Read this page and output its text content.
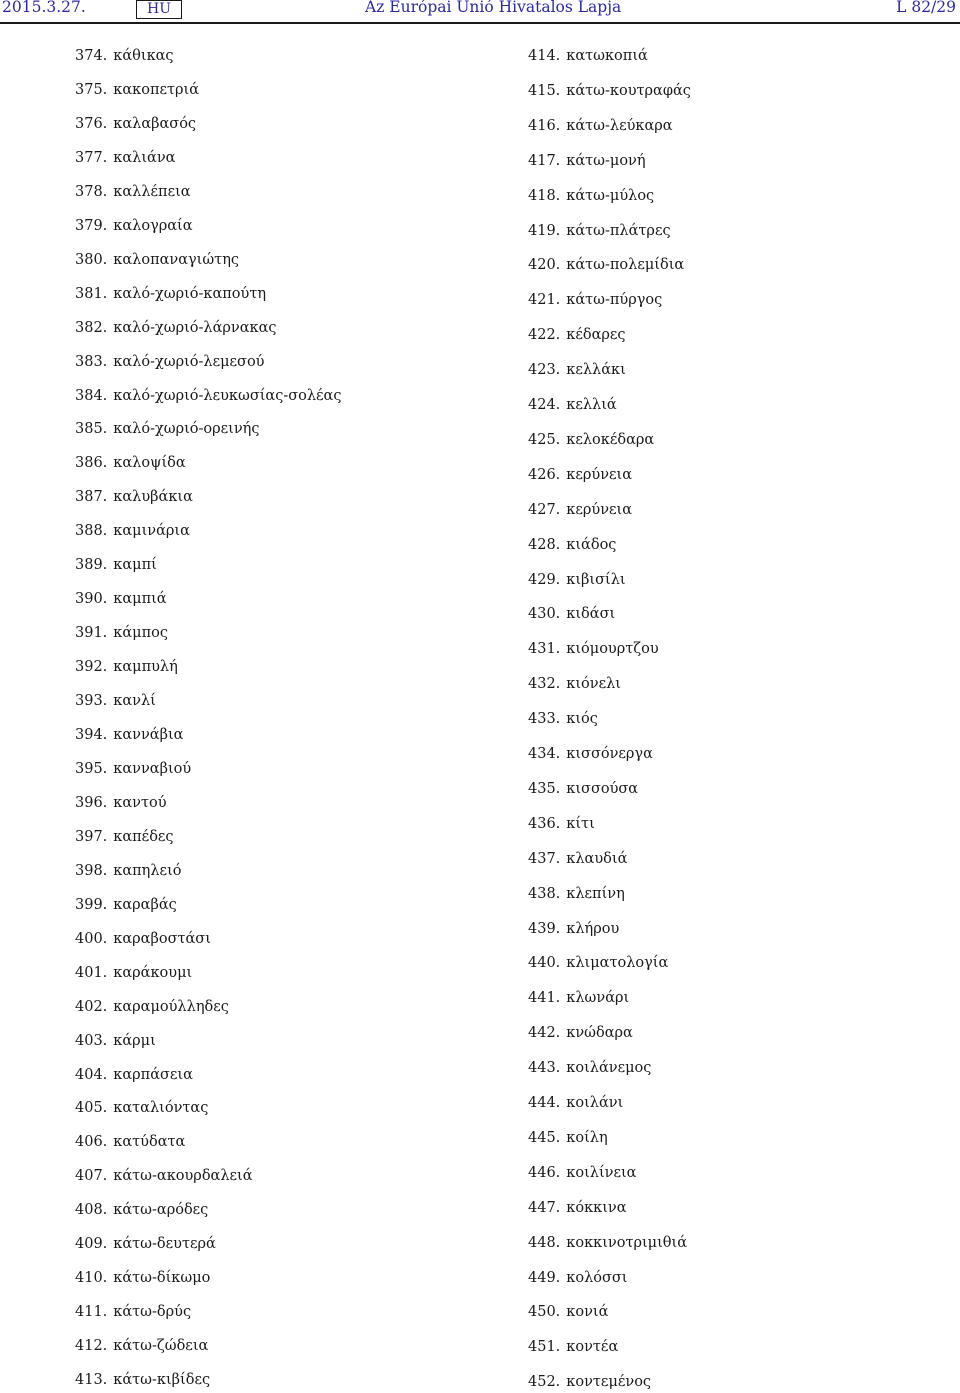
2015.3.27.	HU	Az Európai Unió Hivatalos Lapja	L 82/29
374. κάθικας
375. κακοπετριά
376. καλαβασός
377. καλιάνα
378. καλλέπεια
379. καλογραία
380. καλοπαναγιώτης
381. καλό-χωριό-καπούτη
382. καλό-χωριό-λάρνακας
383. καλό-χωριό-λεμεσού
384. καλό-χωριό-λευκωσίας-σολέας
385. καλό-χωριό-ορεινής
386. καλοψίδα
387. καλυβάκια
388. καμινάρια
389. καμπί
390. καμπιά
391. κάμπος
392. καμπυλή
393. κανλί
394. καννάβια
395. κανναβιού
396. καντού
397. καπέδες
398. καπηλειό
399. καραβάς
400. καραβοστάσι
401. καράκουμι
402. καραμούλληδες
403. κάρμι
404. καρπάσεια
405. καταλιόντας
406. κατύδατα
407. κάτω-ακουρδαλειά
408. κάτω-αρόδες
409. κάτω-δευτερά
410. κάτω-δίκωμο
411. κάτω-δρύς
412. κάτω-ζώδεια
413. κάτω-κιβίδες
414. κατωκοπιά
415. κάτω-κουτραφάς
416. κάτω-λεύκαρα
417. κάτω-μονή
418. κάτω-μύλος
419. κάτω-πλάτρες
420. κάτω-πολεμίδια
421. κάτω-πύργος
422. κέδαρες
423. κελλάκι
424. κελλιά
425. κελοκέδαρα
426. κερύνεια
427. κερύνεια
428. κιάδος
429. κιβισίλι
430. κιδάσι
431. κιόμουρτζου
432. κιόνελι
433. κιός
434. κισσόνεργα
435. κισσούσα
436. κίτι
437. κλαυδιά
438. κλεπίνη
439. κλήρου
440. κλιματολογία
441. κλωνάρι
442. κνώδαρα
443. κοιλάνεμος
444. κοιλάνι
445. κοίλη
446. κοιλίνεια
447. κόκκινα
448. κοκκινοτριμιθιά
449. κολόσσι
450. κονιά
451. κοντέα
452. κοντεμένος
